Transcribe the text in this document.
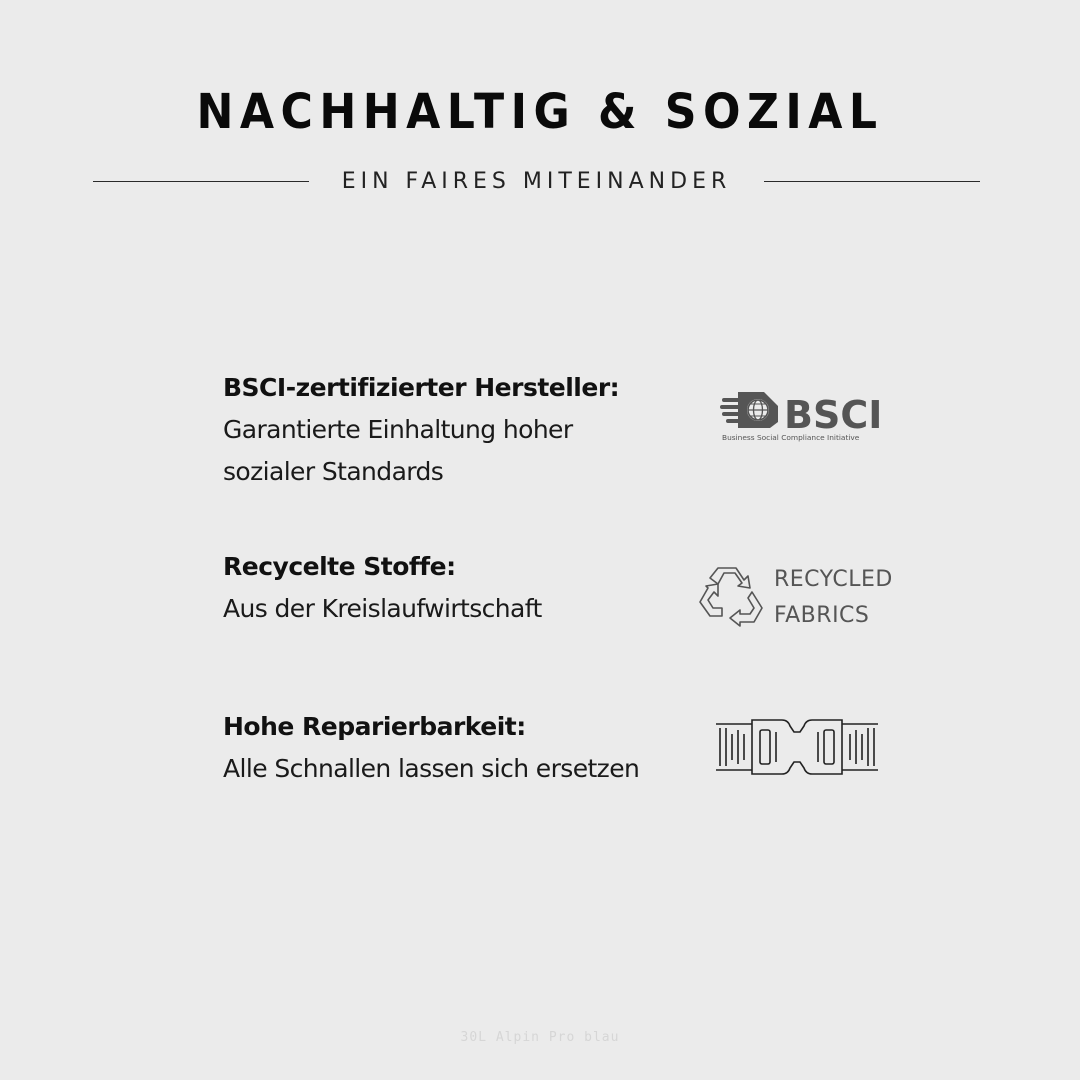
NACHHALTIG & SOZIAL
EIN FAIRES MITEINANDER
BSCI-zertifizierter Hersteller:
Garantierte Einhaltung hoher
sozialer Standards
Recycelte Stoffe:
Aus der Kreislaufwirtschaft
Hohe Reparierbarkeit:
Alle Schnallen lassen sich ersetzen
BSCI
Business Social Compliance Initiative
RECYCLED
FABRICS
30L Alpin Pro blau
